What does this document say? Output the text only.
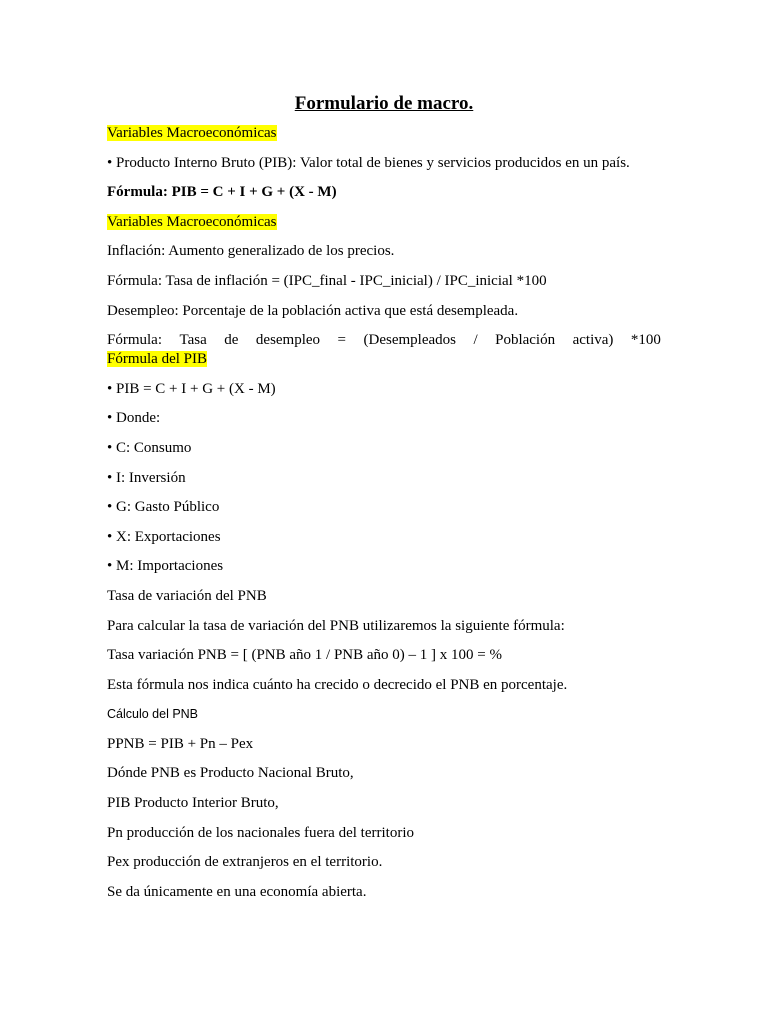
Formulario de macro.
Variables Macroeconómicas
• Producto Interno Bruto (PIB): Valor total de bienes y servicios producidos en un país.
Fórmula: PIB = C + I + G + (X - M)
Variables Macroeconómicas
Inflación: Aumento generalizado de los precios.
Fórmula: Tasa de inflación = (IPC_final - IPC_inicial) / IPC_inicial *100
Desempleo: Porcentaje de la población activa que está desempleada.
Fórmula: Tasa de desempleo = (Desempleados / Población activa) *100
Fórmula del PIB
• PIB = C + I + G + (X - M)
• Donde:
• C: Consumo
• I: Inversión
• G: Gasto Público
• X: Exportaciones
• M: Importaciones
Tasa de variación del PNB
Para calcular la tasa de variación del PNB utilizaremos la siguiente fórmula:
Tasa variación PNB = [ (PNB año 1 / PNB año 0) – 1 ] x 100 = %
Esta fórmula nos indica cuánto ha crecido o decrecido el PNB en porcentaje.
Cálculo del PNB
PPNB = PIB + Pn – Pex
Dónde PNB es Producto Nacional Bruto,
PIB Producto Interior Bruto,
Pn producción de los nacionales fuera del territorio
Pex producción de extranjeros en el territorio.
Se da únicamente en una economía abierta.
